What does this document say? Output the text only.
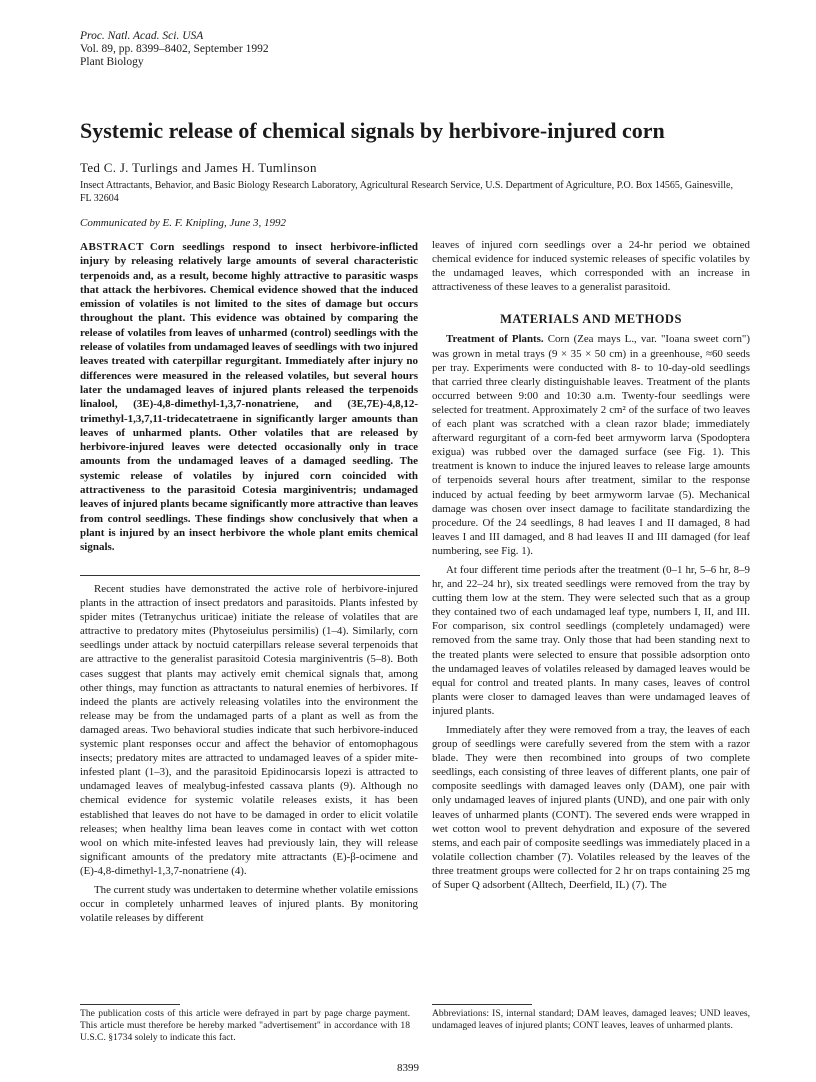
Proc. Natl. Acad. Sci. USA
Vol. 89, pp. 8399–8402, September 1992
Plant Biology
Systemic release of chemical signals by herbivore-injured corn
Ted C. J. Turlings and James H. Tumlinson
Insect Attractants, Behavior, and Basic Biology Research Laboratory, Agricultural Research Service, U.S. Department of Agriculture, P.O. Box 14565, Gainesville, FL 32604
Communicated by E. F. Knipling, June 3, 1992

ABSTRACT Corn seedlings respond to insect herbivore-inflicted injury by releasing relatively large amounts of several characteristic terpenoids and, as a result, become highly attractive to parasitic wasps that attack the herbivores. Chemical evidence showed that the induced emission of volatiles is not limited to the sites of damage but occurs throughout the plant. This evidence was obtained by comparing the release of volatiles from leaves of unharmed (control) seedlings with the release of volatiles from undamaged leaves of seedlings with two injured leaves treated with caterpillar regurgitant. Immediately after injury no differences were measured in the released volatiles, but several hours later the undamaged leaves of injured plants released the terpenoids linalool, (3E)-4,8-dimethyl-1,3,7-nonatriene, and (3E,7E)-4,8,12-trimethyl-1,3,7,11-tridecatetraene in significantly larger amounts than leaves of unharmed plants. Other volatiles that are released by herbivore-injured leaves were detected occasionally only in trace amounts from the undamaged leaves of a damaged seedling. The systemic release of volatiles by injured corn coincided with attractiveness to the parasitoid Cotesia marginiventris; undamaged leaves of injured plants became significantly more attractive than leaves from control seedlings. These findings show conclusively that when a plant is injured by an insect herbivore the whole plant emits chemical signals.

Recent studies have demonstrated the active role of herbivore-injured plants in the attraction of insect predators and parasitoids. Plants infested by spider mites (Tetranychus uriticae) initiate the release of volatiles that are attractive to predatory mites (Phytoseiulus persimilis) (1–4). Similarly, corn seedlings under attack by noctuid caterpillars release several terpenoids that are attractive to the generalist parasitoid Cotesia marginiventris (5–8). Both cases suggest that plants may actively emit chemical signals that, among other things, may function as attractants to natural enemies of herbivores. If indeed the plants are actively releasing volatiles into the environment the release may be from the undamaged parts of a plant as well as from the damaged areas. Two behavioral studies indicate that such herbivore-induced systemic plant responses occur and affect the behavior of entomophagous insects; predatory mites are attracted to undamaged leaves of a spider mite-infested plant (1–3), and the parasitoid Epidinocarsis lopezi is attracted to undamaged leaves of mealybug-infested cassava plants (9). Although no chemical evidence for systemic volatile releases exists, it has been established that leaves do not have to be damaged in order to elicit volatile releases; when healthy lima bean leaves come in contact with wet cotton wool on which mite-infested leaves had previously lain, they will release significant amounts of the predatory mite attractants (E)-β-ocimene and (E)-4,8-dimethyl-1,3,7-nonatriene (4).

The current study was undertaken to determine whether volatile emissions occur in completely unharmed leaves of injured plants. By monitoring volatile releases by different

leaves of injured corn seedlings over a 24-hr period we obtained chemical evidence for induced systemic releases of specific volatiles by the undamaged leaves, which corresponded with an increase in attractiveness of these leaves to a generalist parasitoid.

MATERIALS AND METHODS

Treatment of Plants. Corn (Zea mays L., var. "Ioana sweet corn") was grown in metal trays (9 × 35 × 50 cm) in a greenhouse, ≈60 seeds per tray. Experiments were conducted with 8- to 10-day-old seedlings that carried three clearly distinguishable leaves. Treatment of the plants occurred between 9:00 and 10:30 a.m. Twenty-four seedlings were selected for treatment. Approximately 2 cm² of the surface of two leaves of each plant was scratched with a clean razor blade; immediately afterward regurgitant of a corn-fed beet armyworm larva (Spodoptera exigua) was rubbed over the damaged surface (see Fig. 1). This treatment is known to induce the injured leaves to release large amounts of terpenoids several hours after treatment, similar to the response induced by actual feeding by beet armyworm larvae (5). Mechanical damage was chosen over insect damage to facilitate standardizing the procedure. Of the 24 seedlings, 8 had leaves I and II damaged, 8 had leaves I and III damaged, and 8 had leaves II and III damaged (for leaf numbering, see Fig. 1).

At four different time periods after the treatment (0–1 hr, 5–6 hr, 8–9 hr, and 22–24 hr), six treated seedlings were removed from the tray by cutting them low at the stem. They were selected such that as a group they contained two of each undamaged leaf type, numbers I, II, and III. For comparison, six control seedlings (completely undamaged) were removed from the same tray. Only those that had been standing next to the treated plants were selected to ensure that possible adsorption onto the undamaged leaves of volatiles released by damaged leaves would be equal for control and treated plants. In many cases, leaves of control plants were closer to damaged leaves than were undamaged leaves of injured plants.

Immediately after they were removed from a tray, the leaves of each group of seedlings were carefully severed from the stem with a razor blade. They were then recombined into groups of two complete seedlings, each consisting of three leaves of different plants, one pair of composite seedlings with damaged leaves only (DAM), one pair with only undamaged leaves of injured plants (UND), and one pair with only leaves of unharmed plants (CONT). The severed ends were wrapped in wet cotton wool to prevent dehydration and exposure of the severed stems, and each pair of composite seedlings was immediately placed in a volatile collection chamber (7). Volatiles released by the leaves of the three treatment groups were collected for 2 hr on traps containing 25 mg of Super Q adsorbent (Alltech, Deerfield, IL) (7). The

The publication costs of this article were defrayed in part by page charge payment. This article must therefore be hereby marked "advertisement" in accordance with 18 U.S.C. §1734 solely to indicate this fact.
Abbreviations: IS, internal standard; DAM leaves, damaged leaves; UND leaves, undamaged leaves of injured plants; CONT leaves, leaves of unharmed plants.
8399
